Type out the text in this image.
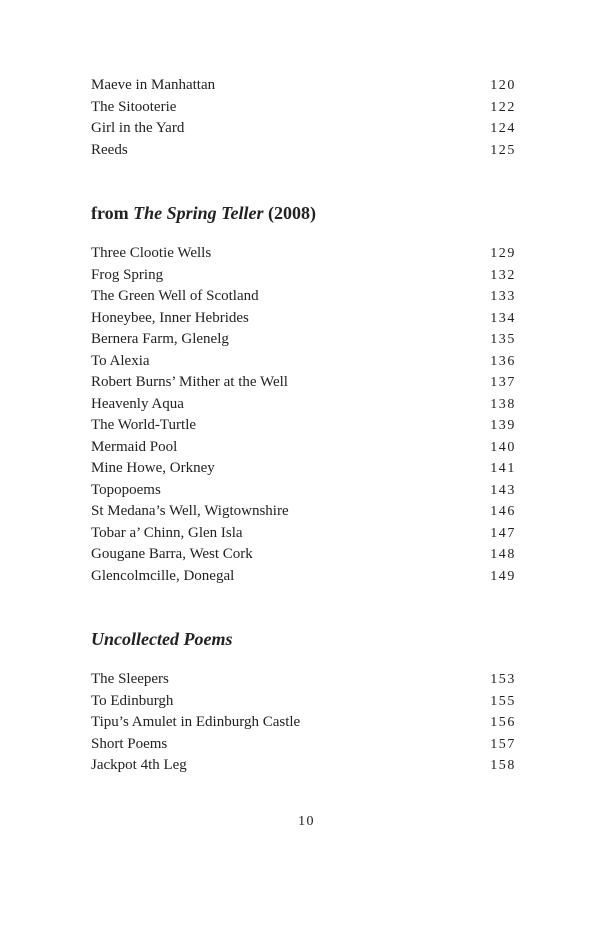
Maeve in Manhattan	120
The Sitooterie	122
Girl in the Yard	124
Reeds	125
from The Spring Teller (2008)
Three Clootie Wells	129
Frog Spring	132
The Green Well of Scotland	133
Honeybee, Inner Hebrides	134
Bernera Farm, Glenelg	135
To Alexia	136
Robert Burns’ Mither at the Well	137
Heavenly Aqua	138
The World-Turtle	139
Mermaid Pool	140
Mine Howe, Orkney	141
Topopoems	143
St Medana’s Well, Wigtownshire	146
Tobar a’ Chinn, Glen Isla	147
Gougane Barra, West Cork	148
Glencolmcille, Donegal	149
Uncollected Poems
The Sleepers	153
To Edinburgh	155
Tipu’s Amulet in Edinburgh Castle	156
Short Poems	157
Jackpot 4th Leg	158
10
